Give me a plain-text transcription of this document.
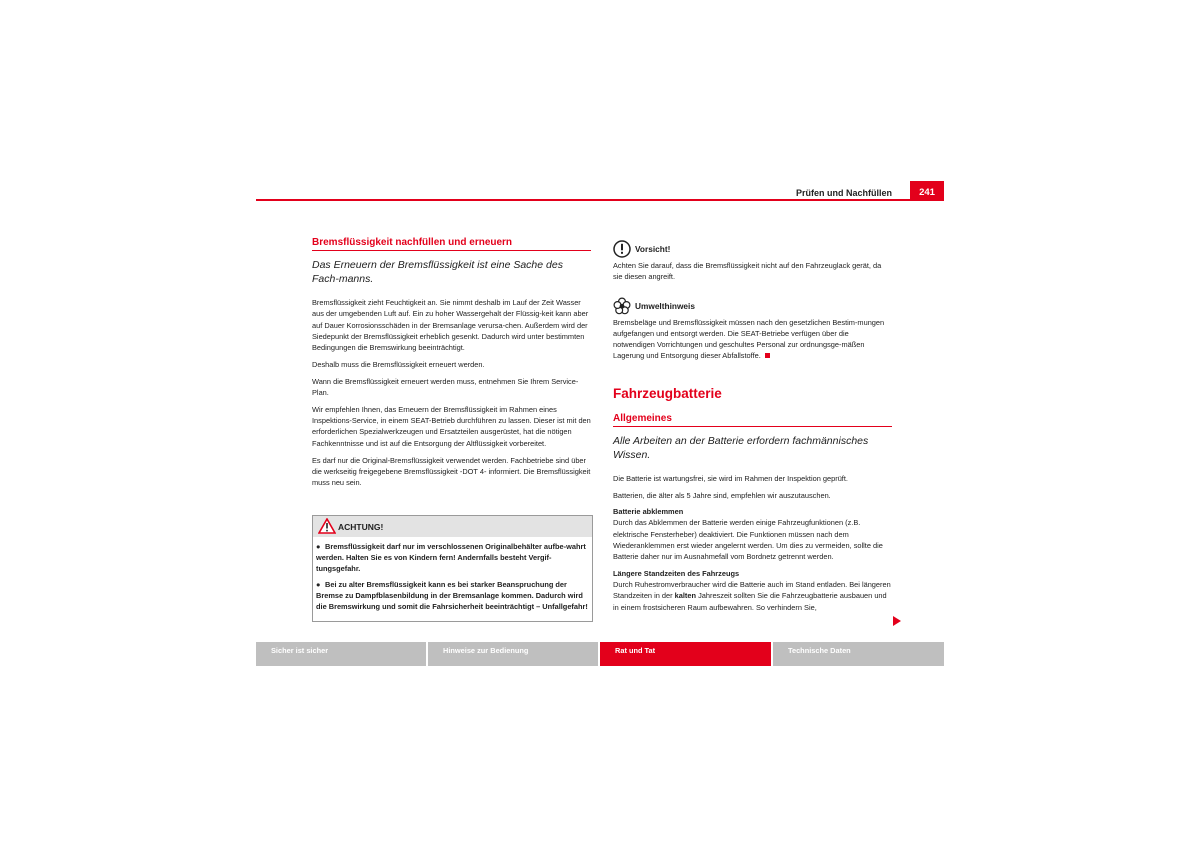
Prüfen und Nachfüllen	241
Bremsflüssigkeit nachfüllen und erneuern
Das Erneuern der Bremsflüssigkeit ist eine Sache des Fach-manns.
Bremsflüssigkeit zieht Feuchtigkeit an. Sie nimmt deshalb im Lauf der Zeit Wasser aus der umgebenden Luft auf. Ein zu hoher Wassergehalt der Flüssig-keit kann aber auf Dauer Korrosionsschäden in der Bremsanlage verursa-chen. Außerdem wird der Siedepunkt der Bremsflüssigkeit erheblich gesenkt. Dadurch wird unter bestimmten Bedingungen die Bremswirkung beeinträchtigt.
Deshalb muss die Bremsflüssigkeit erneuert werden.
Wann die Bremsflüssigkeit erneuert werden muss, entnehmen Sie Ihrem Service-Plan.
Wir empfehlen Ihnen, das Erneuern der Bremsflüssigkeit im Rahmen eines Inspektions-Service, in einem SEAT-Betrieb durchführen zu lassen. Dieser ist mit den erforderlichen Spezialwerkzeugen und Ersatzteilen ausgerüstet, hat die nötigen Fachkenntnisse und ist auf die Entsorgung der Altflüssigkeit vorbereitet.
Es darf nur die Original-Bremsflüssigkeit verwendet werden. Fachbetriebe sind über die werkseitig freigegebene Bremsflüssigkeit -DOT 4- informiert. Die Bremsflüssigkeit muss neu sein.
ACHTUNG!
● Bremsflüssigkeit darf nur im verschlossenen Originalbehälter aufbe-wahrt werden. Halten Sie es von Kindern fern! Andernfalls besteht Vergif-tungsgefahr.
● Bei zu alter Bremsflüssigkeit kann es bei starker Beanspruchung der Bremse zu Dampfblasenbildung in der Bremsanlage kommen. Dadurch wird die Bremswirkung und somit die Fahrsicherheit beeinträchtigt – Unfallgefahr!
Vorsicht!
Achten Sie darauf, dass die Bremsflüssigkeit nicht auf den Fahrzeuglack gerät, da sie diesen angreift.
Umwelthinweis
Bremsbeläge und Bremsflüssigkeit müssen nach den gesetzlichen Bestim-mungen aufgefangen und entsorgt werden. Die SEAT-Betriebe verfügen über die notwendigen Vorrichtungen und geschultes Personal zur ordnungsge-mäßen Lagerung und Entsorgung dieser Abfallstoffe.
Fahrzeugbatterie
Allgemeines
Alle Arbeiten an der Batterie erfordern fachmännisches Wissen.
Die Batterie ist wartungsfrei, sie wird im Rahmen der Inspektion geprüft.
Batterien, die älter als 5 Jahre sind, empfehlen wir auszutauschen.
Batterie abklemmen
Durch das Abklemmen der Batterie werden einige Fahrzeugfunktionen (z.B. elektrische Fensterheber) deaktiviert. Die Funktionen müssen nach dem Wiederanklemmen erst wieder angelernt werden. Um dies zu vermeiden, sollte die Batterie daher nur im Ausnahmefall vom Bordnetz getrennt werden.
Längere Standzeiten des Fahrzeugs
Durch Ruhestromverbraucher wird die Batterie auch im Stand entladen. Bei längeren Standzeiten in der kalten Jahreszeit sollten Sie die Fahrzeugbatterie ausbauen und in einem frostsicheren Raum aufbewahren. So verhindern Sie,
Sicher ist sicher	Hinweise zur Bedienung	Rat und Tat	Technische Daten
